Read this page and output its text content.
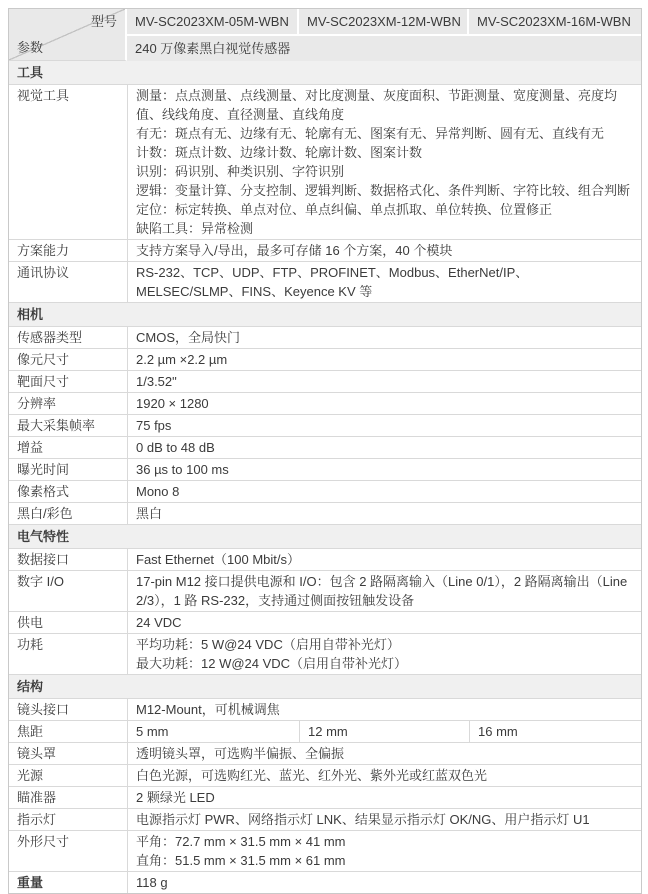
型号
参数	MV-SC2023XM-05M-WBN	MV-SC2023XM-12M-WBN	MV-SC2023XM-16M-WBN
	240 万像素黑白视觉传感器		
工具			
视觉工具	测量：点点测量、点线测量、对比度测量、灰度面积、节距测量、宽度测量、亮度均值、线线角度、直径测量、直线角度
有无：斑点有无、边缘有无、轮廓有无、图案有无、异常判断、圆有无、直线有无
计数：斑点计数、边缘计数、轮廓计数、图案计数
识别：码识别、种类识别、字符识别
逻辑：变量计算、分支控制、逻辑判断、数据格式化、条件判断、字符比较、组合判断
定位：标定转换、单点对位、单点纠偏、单点抓取、单位转换、位置修正
缺陷工具：异常检测

方案能力	支持方案导入/导出，最多可存储 16 个方案，40 个模块		

通讯协议	RS-232、TCP、UDP、FTP、PROFINET、Modbus、EtherNet/IP、MELSEC/SLMP、FINS、Keyence KV 等		

相机			
传感器类型	CMOS，全局快门		

像元尺寸	2.2 µm ×2.2 µm		

靶面尺寸	1/3.52"		

分辨率	1920 × 1280		

最大采集帧率	75 fps		

增益	0 dB to 48 dB		

曝光时间	36 µs to 100 ms		

像素格式	Mono 8		

黑白/彩色	黑白		

电气特性			
数据接口	Fast Ethernet（100 Mbit/s）		

数字 I/O	17-pin M12 接口提供电源和 I/O：包含 2 路隔离输入（Line 0/1），2 路隔离输出（Line 2/3），1 路 RS-232，支持通过侧面按钮触发设备		

供电	24 VDC		

功耗	平均功耗：5 W@24 VDC（启用自带补光灯）
最大功耗：12 W@24 VDC（启用自带补光灯）		

结构			
镜头接口	M12-Mount，可机械调焦		

焦距	5 mm	12 mm	16 mm
镜头罩	透明镜头罩，可选购半偏振、全偏振		

光源	白色光源，可选购红光、蓝光、红外光、紫外光或红蓝双色光		

瞄准器	2 颗绿光 LED		

指示灯	电源指示灯 PWR、网络指示灯 LNK、结果显示指示灯 OK/NG、用户指示灯 U1		

外形尺寸	平角：72.7 mm × 31.5 mm × 41 mm
直角：51.5 mm × 31.5 mm × 61 mm		

重量	118 g		
